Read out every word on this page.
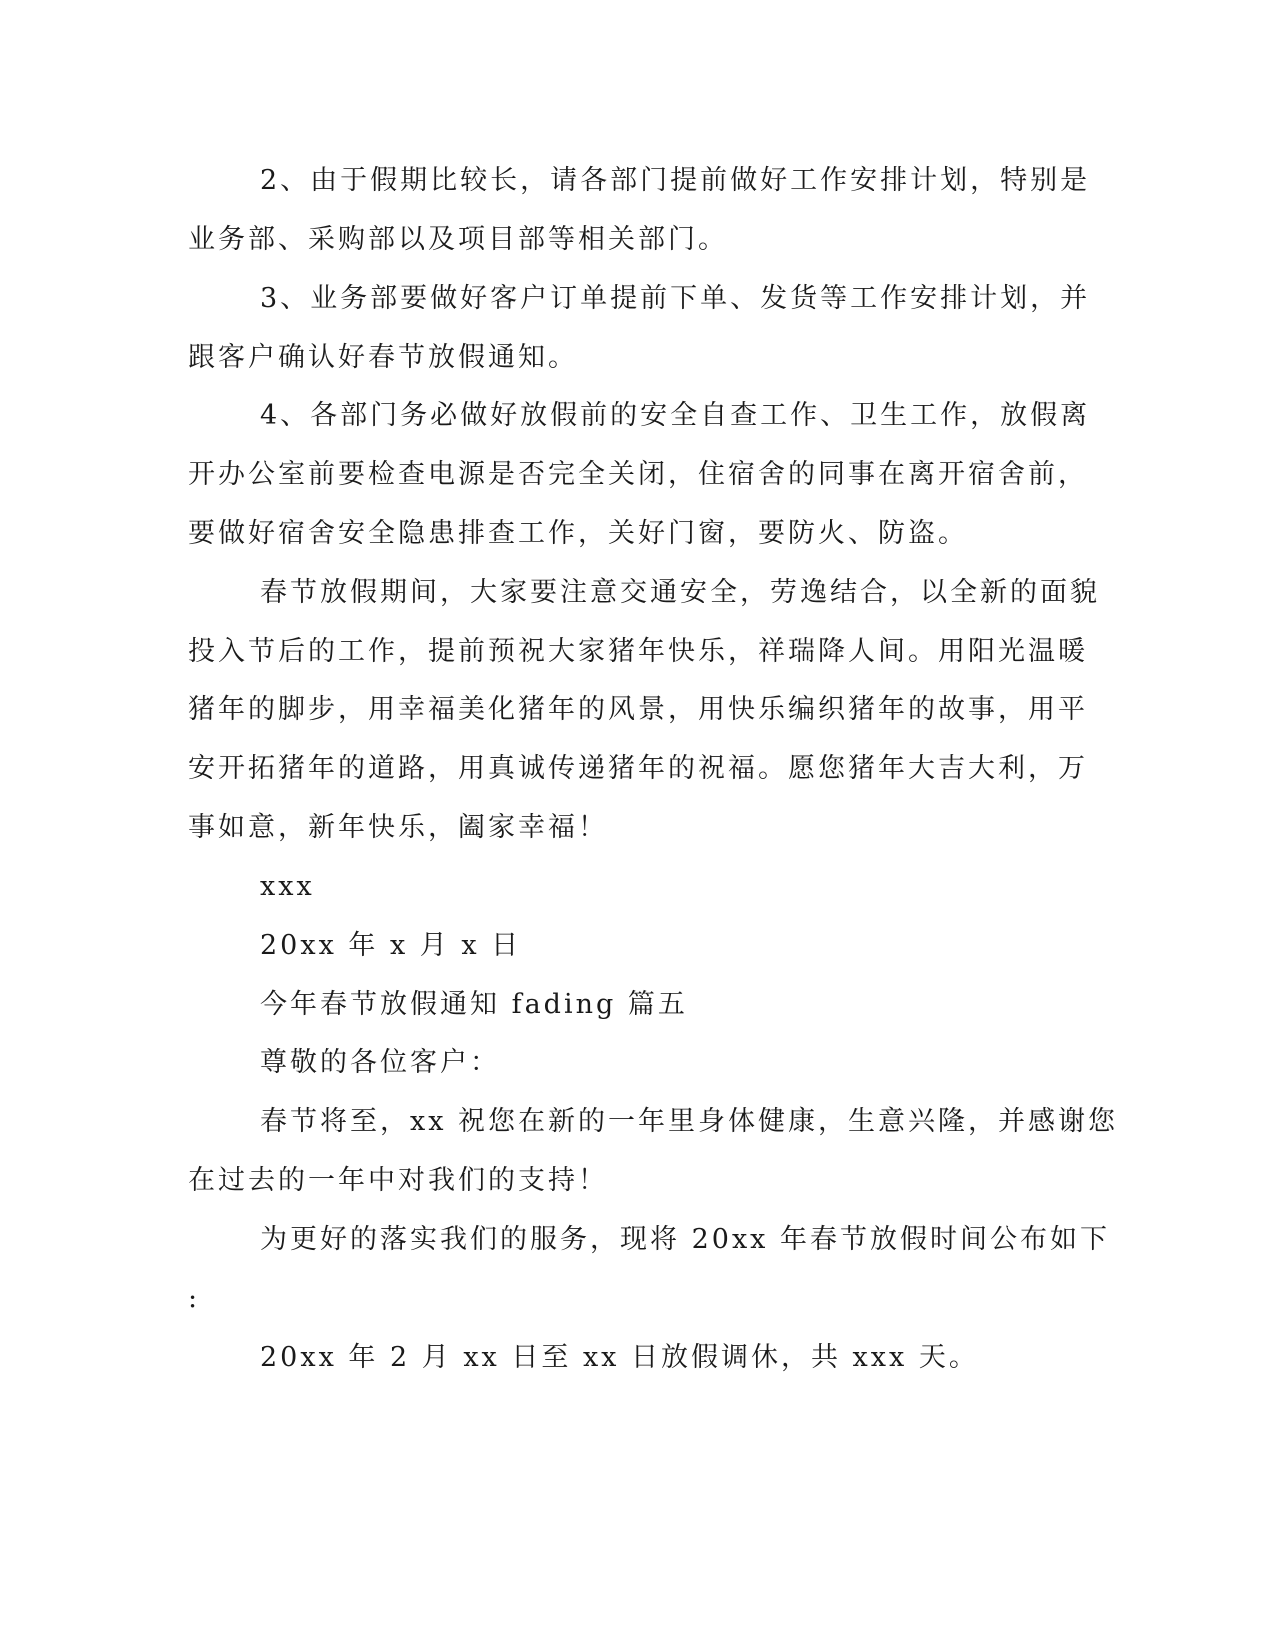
2、由于假期比较长，请各部门提前做好工作安排计划，特别是
业务部、采购部以及项目部等相关部门。
3、业务部要做好客户订单提前下单、发货等工作安排计划，并
跟客户确认好春节放假通知。
4、各部门务必做好放假前的安全自查工作、卫生工作，放假离
开办公室前要检查电源是否完全关闭，住宿舍的同事在离开宿舍前，
要做好宿舍安全隐患排查工作，关好门窗，要防火、防盗。
春节放假期间，大家要注意交通安全，劳逸结合，以全新的面貌
投入节后的工作，提前预祝大家猪年快乐，祥瑞降人间。用阳光温暖
猪年的脚步，用幸福美化猪年的风景，用快乐编织猪年的故事，用平
安开拓猪年的道路，用真诚传递猪年的祝福。愿您猪年大吉大利，万
事如意，新年快乐，阖家幸福！
xxx
20xx 年 x 月 x 日
今年春节放假通知 fading 篇五
尊敬的各位客户：
春节将至，xx 祝您在新的一年里身体健康，生意兴隆，并感谢您
在过去的一年中对我们的支持！
为更好的落实我们的服务，现将 20xx 年春节放假时间公布如下
:
20xx 年 2 月 xx 日至 xx 日放假调休，共 xxx 天。
